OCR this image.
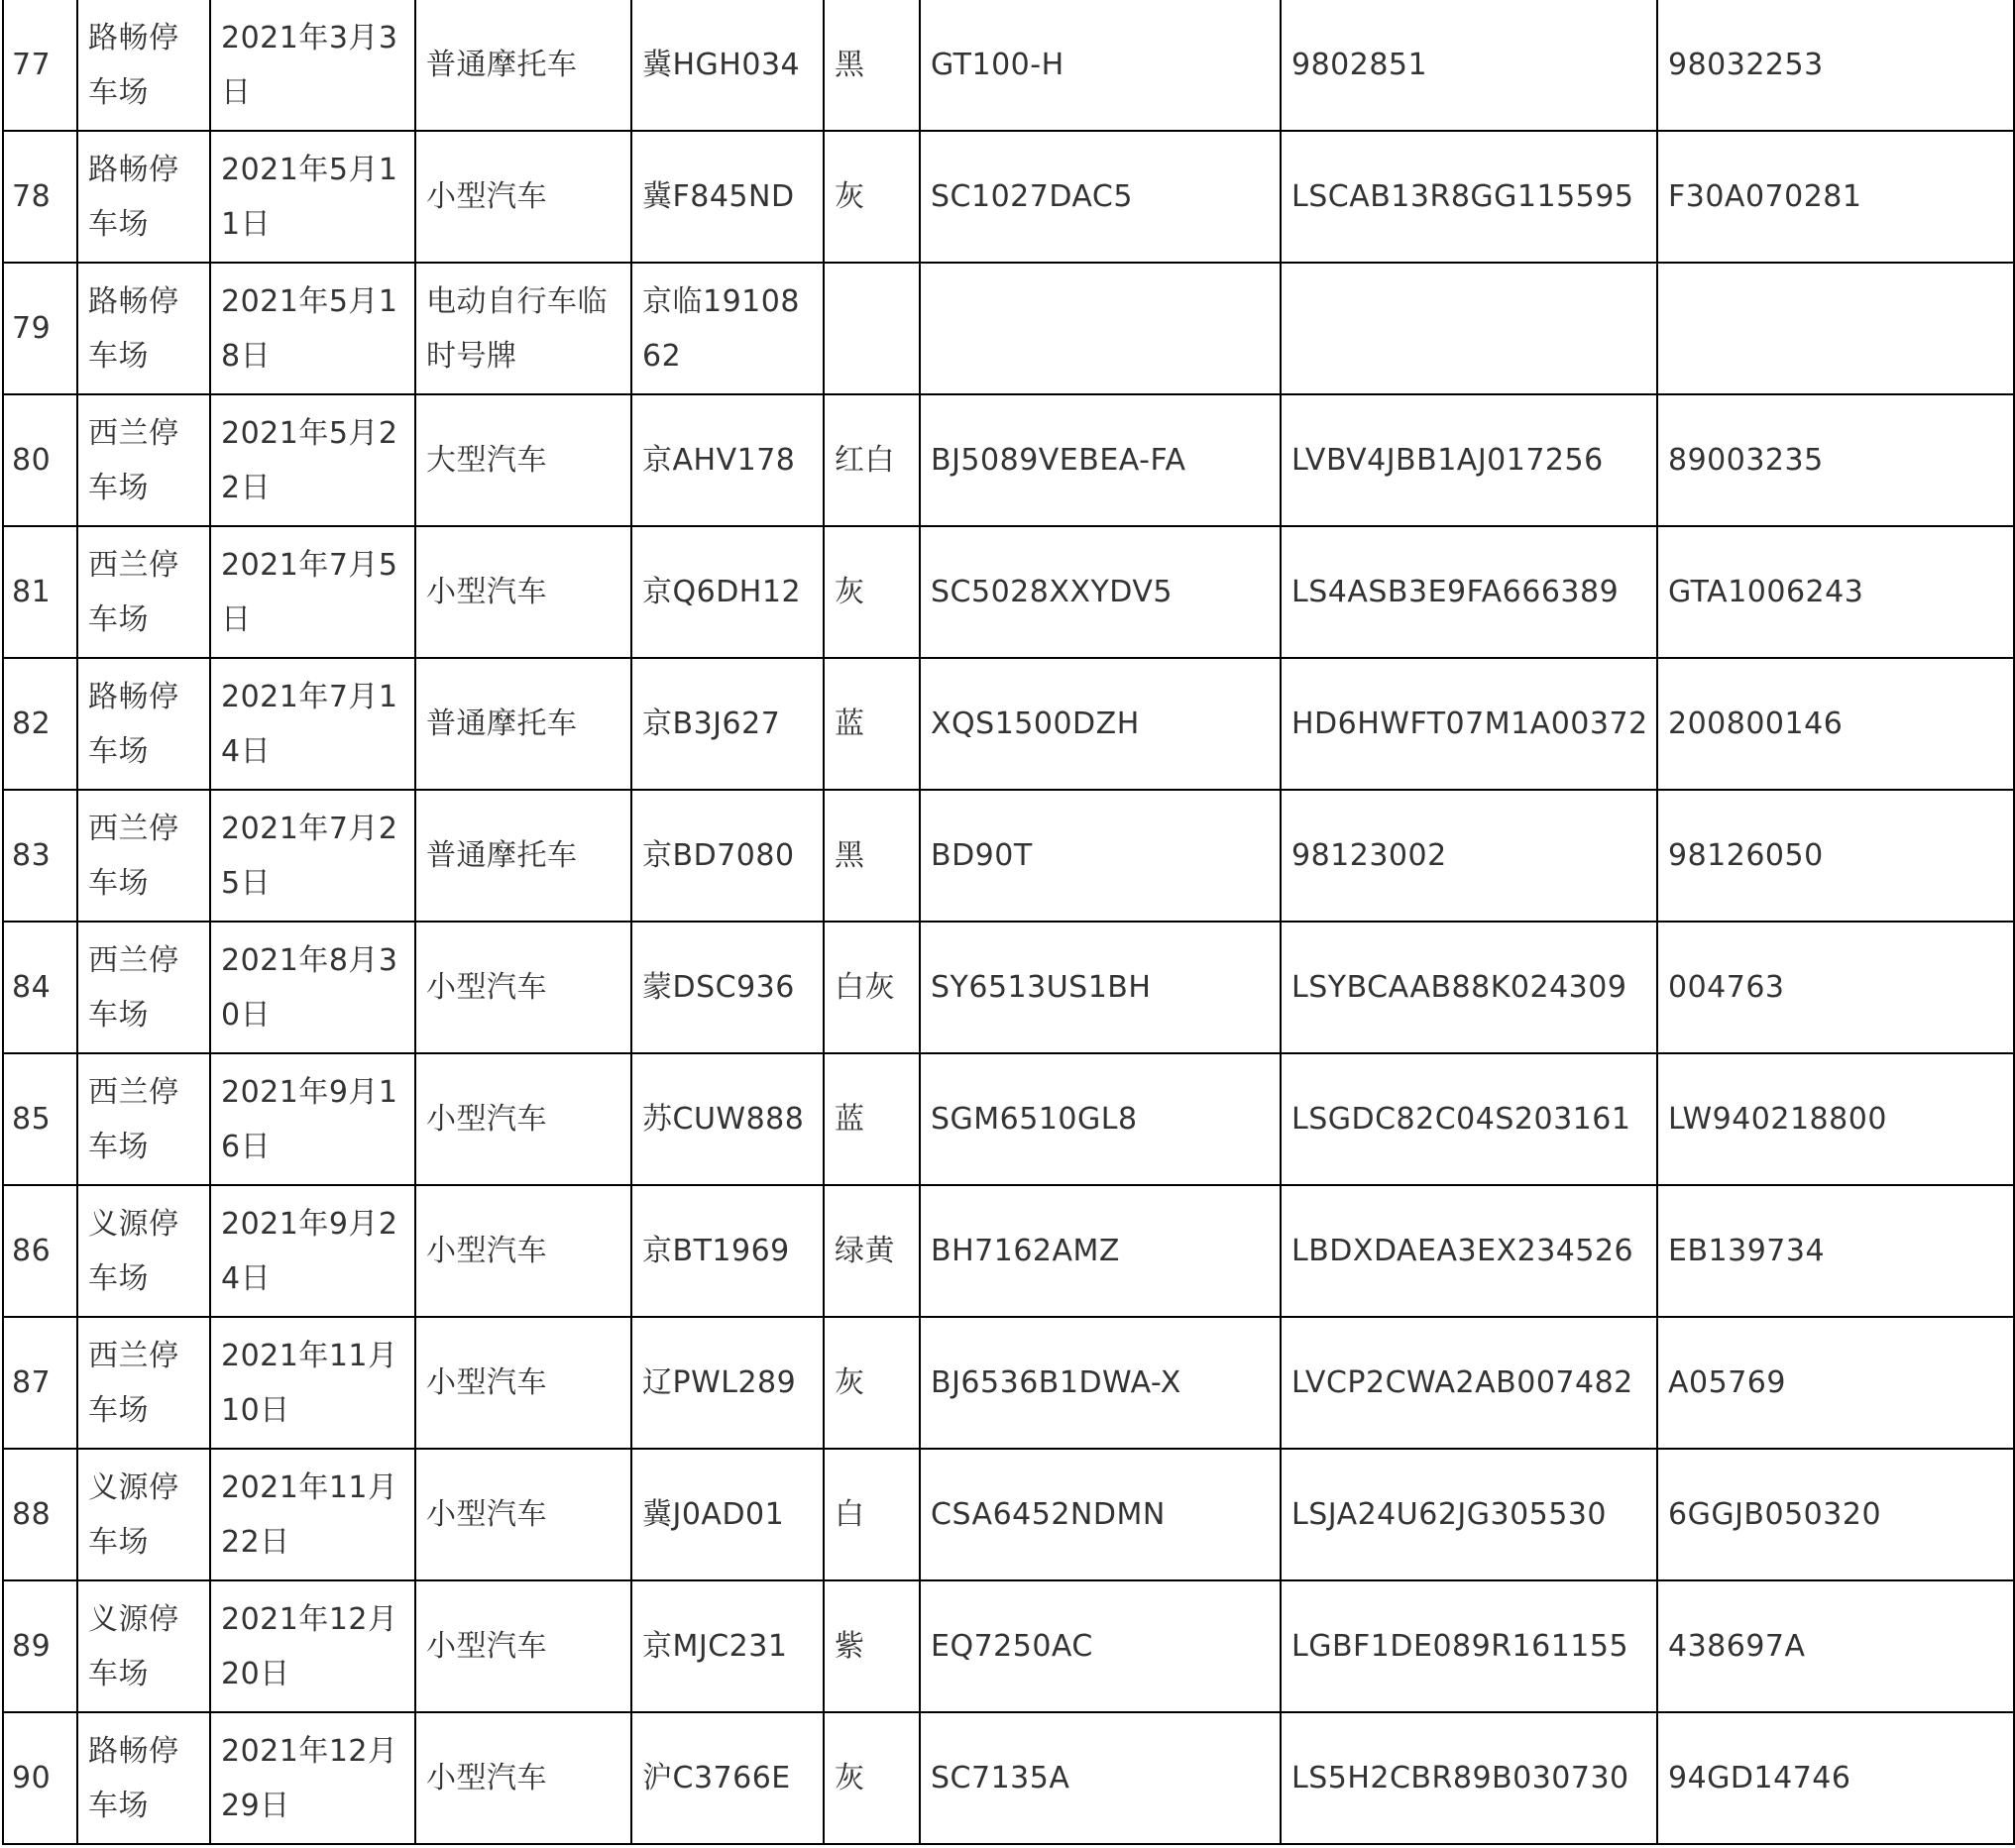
77	路畅停车场	2021年3月3日	普通摩托车	冀HGH034	黑	GT100-H	9802851	98032253
78	路畅停车场	2021年5月11日	小型汽车	冀F845ND	灰	SC1027DAC5	LSCAB13R8GG115595	F30A070281
79	路畅停车场	2021年5月18日	电动自行车临时号牌	京临1910862				
80	西兰停车场	2021年5月22日	大型汽车	京AHV178	红白	BJ5089VEBEA-FA	LVBV4JBB1AJ017256	89003235
81	西兰停车场	2021年7月5日	小型汽车	京Q6DH12	灰	SC5028XXYDV5	LS4ASB3E9FA666389	GTA1006243
82	路畅停车场	2021年7月14日	普通摩托车	京B3J627	蓝	XQS1500DZH	HD6HWFT07M1A00372	200800146
83	西兰停车场	2021年7月25日	普通摩托车	京BD7080	黑	BD90T	98123002	98126050
84	西兰停车场	2021年8月30日	小型汽车	蒙DSC936	白灰	SY6513US1BH	LSYBCAAB88K024309	004763
85	西兰停车场	2021年9月16日	小型汽车	苏CUW888	蓝	SGM6510GL8	LSGDC82C04S203161	LW940218800
86	义源停车场	2021年9月24日	小型汽车	京BT1969	绿黄	BH7162AMZ	LBDXDAEA3EX234526	EB139734
87	西兰停车场	2021年11月10日	小型汽车	辽PWL289	灰	BJ6536B1DWA-X	LVCP2CWA2AB007482	A05769
88	义源停车场	2021年11月22日	小型汽车	冀J0AD01	白	CSA6452NDMN	LSJA24U62JG305530	6GGJB050320
89	义源停车场	2021年12月20日	小型汽车	京MJC231	紫	EQ7250AC	LGBF1DE089R161155	438697A
90	路畅停车场	2021年12月29日	小型汽车	沪C3766E	灰	SC7135A	LS5H2CBR89B030730	94GD14746
